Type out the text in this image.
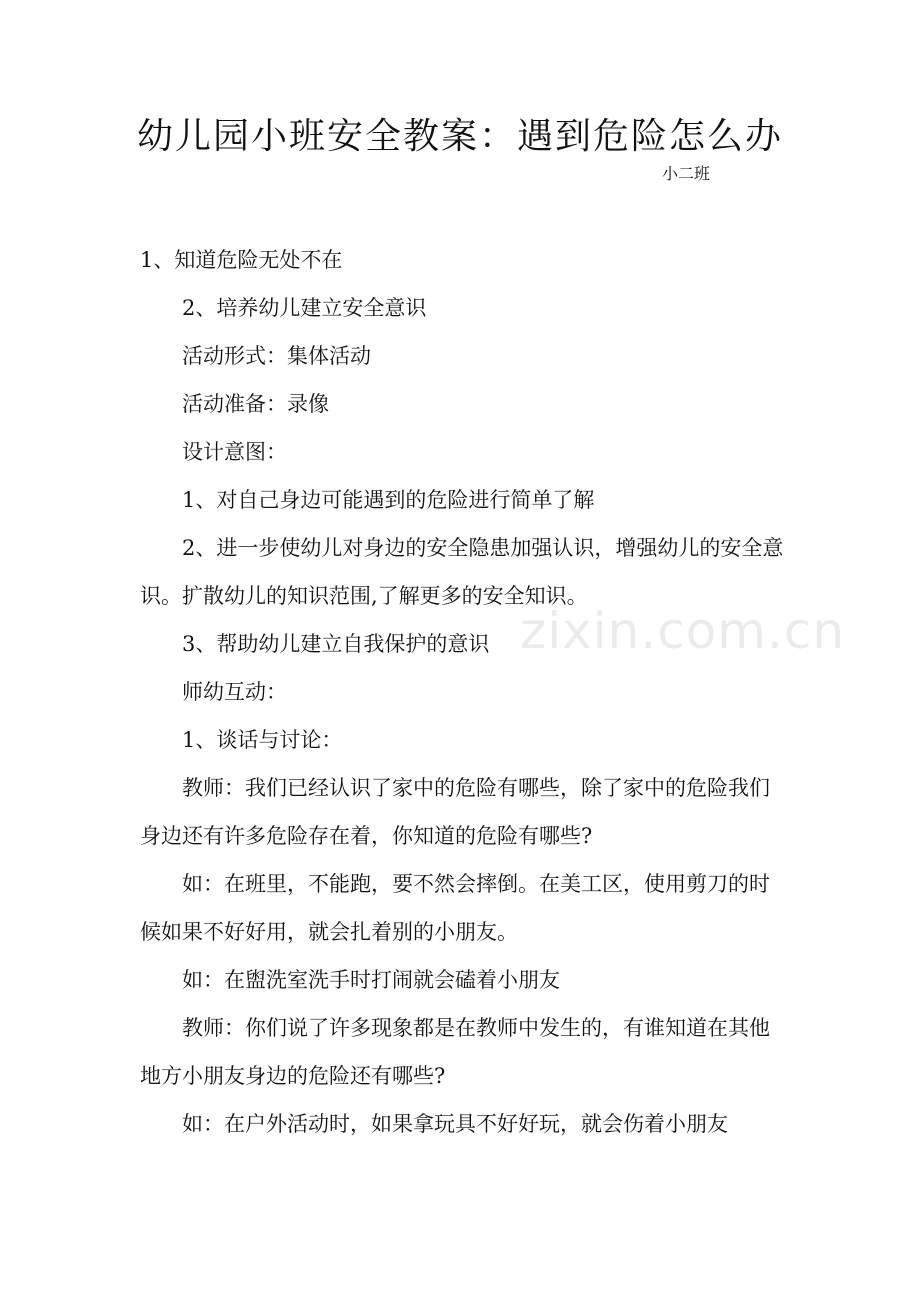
幼儿园小班安全教案：遇到危险怎么办
小二班

1、知道危险无处不在

2、培养幼儿建立安全意识

活动形式：集体活动

活动准备：录像

设计意图：

1、对自己身边可能遇到的危险进行简单了解

2、进一步使幼儿对身边的安全隐患加强认识，增强幼儿的安全意识。扩散幼儿的知识范围,了解更多的安全知识。

3、帮助幼儿建立自我保护的意识

师幼互动：

1、谈话与讨论：

教师：我们已经认识了家中的危险有哪些，除了家中的危险我们身边还有许多危险存在着，你知道的危险有哪些?

如：在班里，不能跑，要不然会摔倒。在美工区，使用剪刀的时候如果不好好用，就会扎着别的小朋友。

如：在盥洗室洗手时打闹就会磕着小朋友

教师：你们说了许多现象都是在教师中发生的，有谁知道在其他地方小朋友身边的危险还有哪些?

如：在户外活动时，如果拿玩具不好好玩，就会伤着小朋友

zixin.com.cn
